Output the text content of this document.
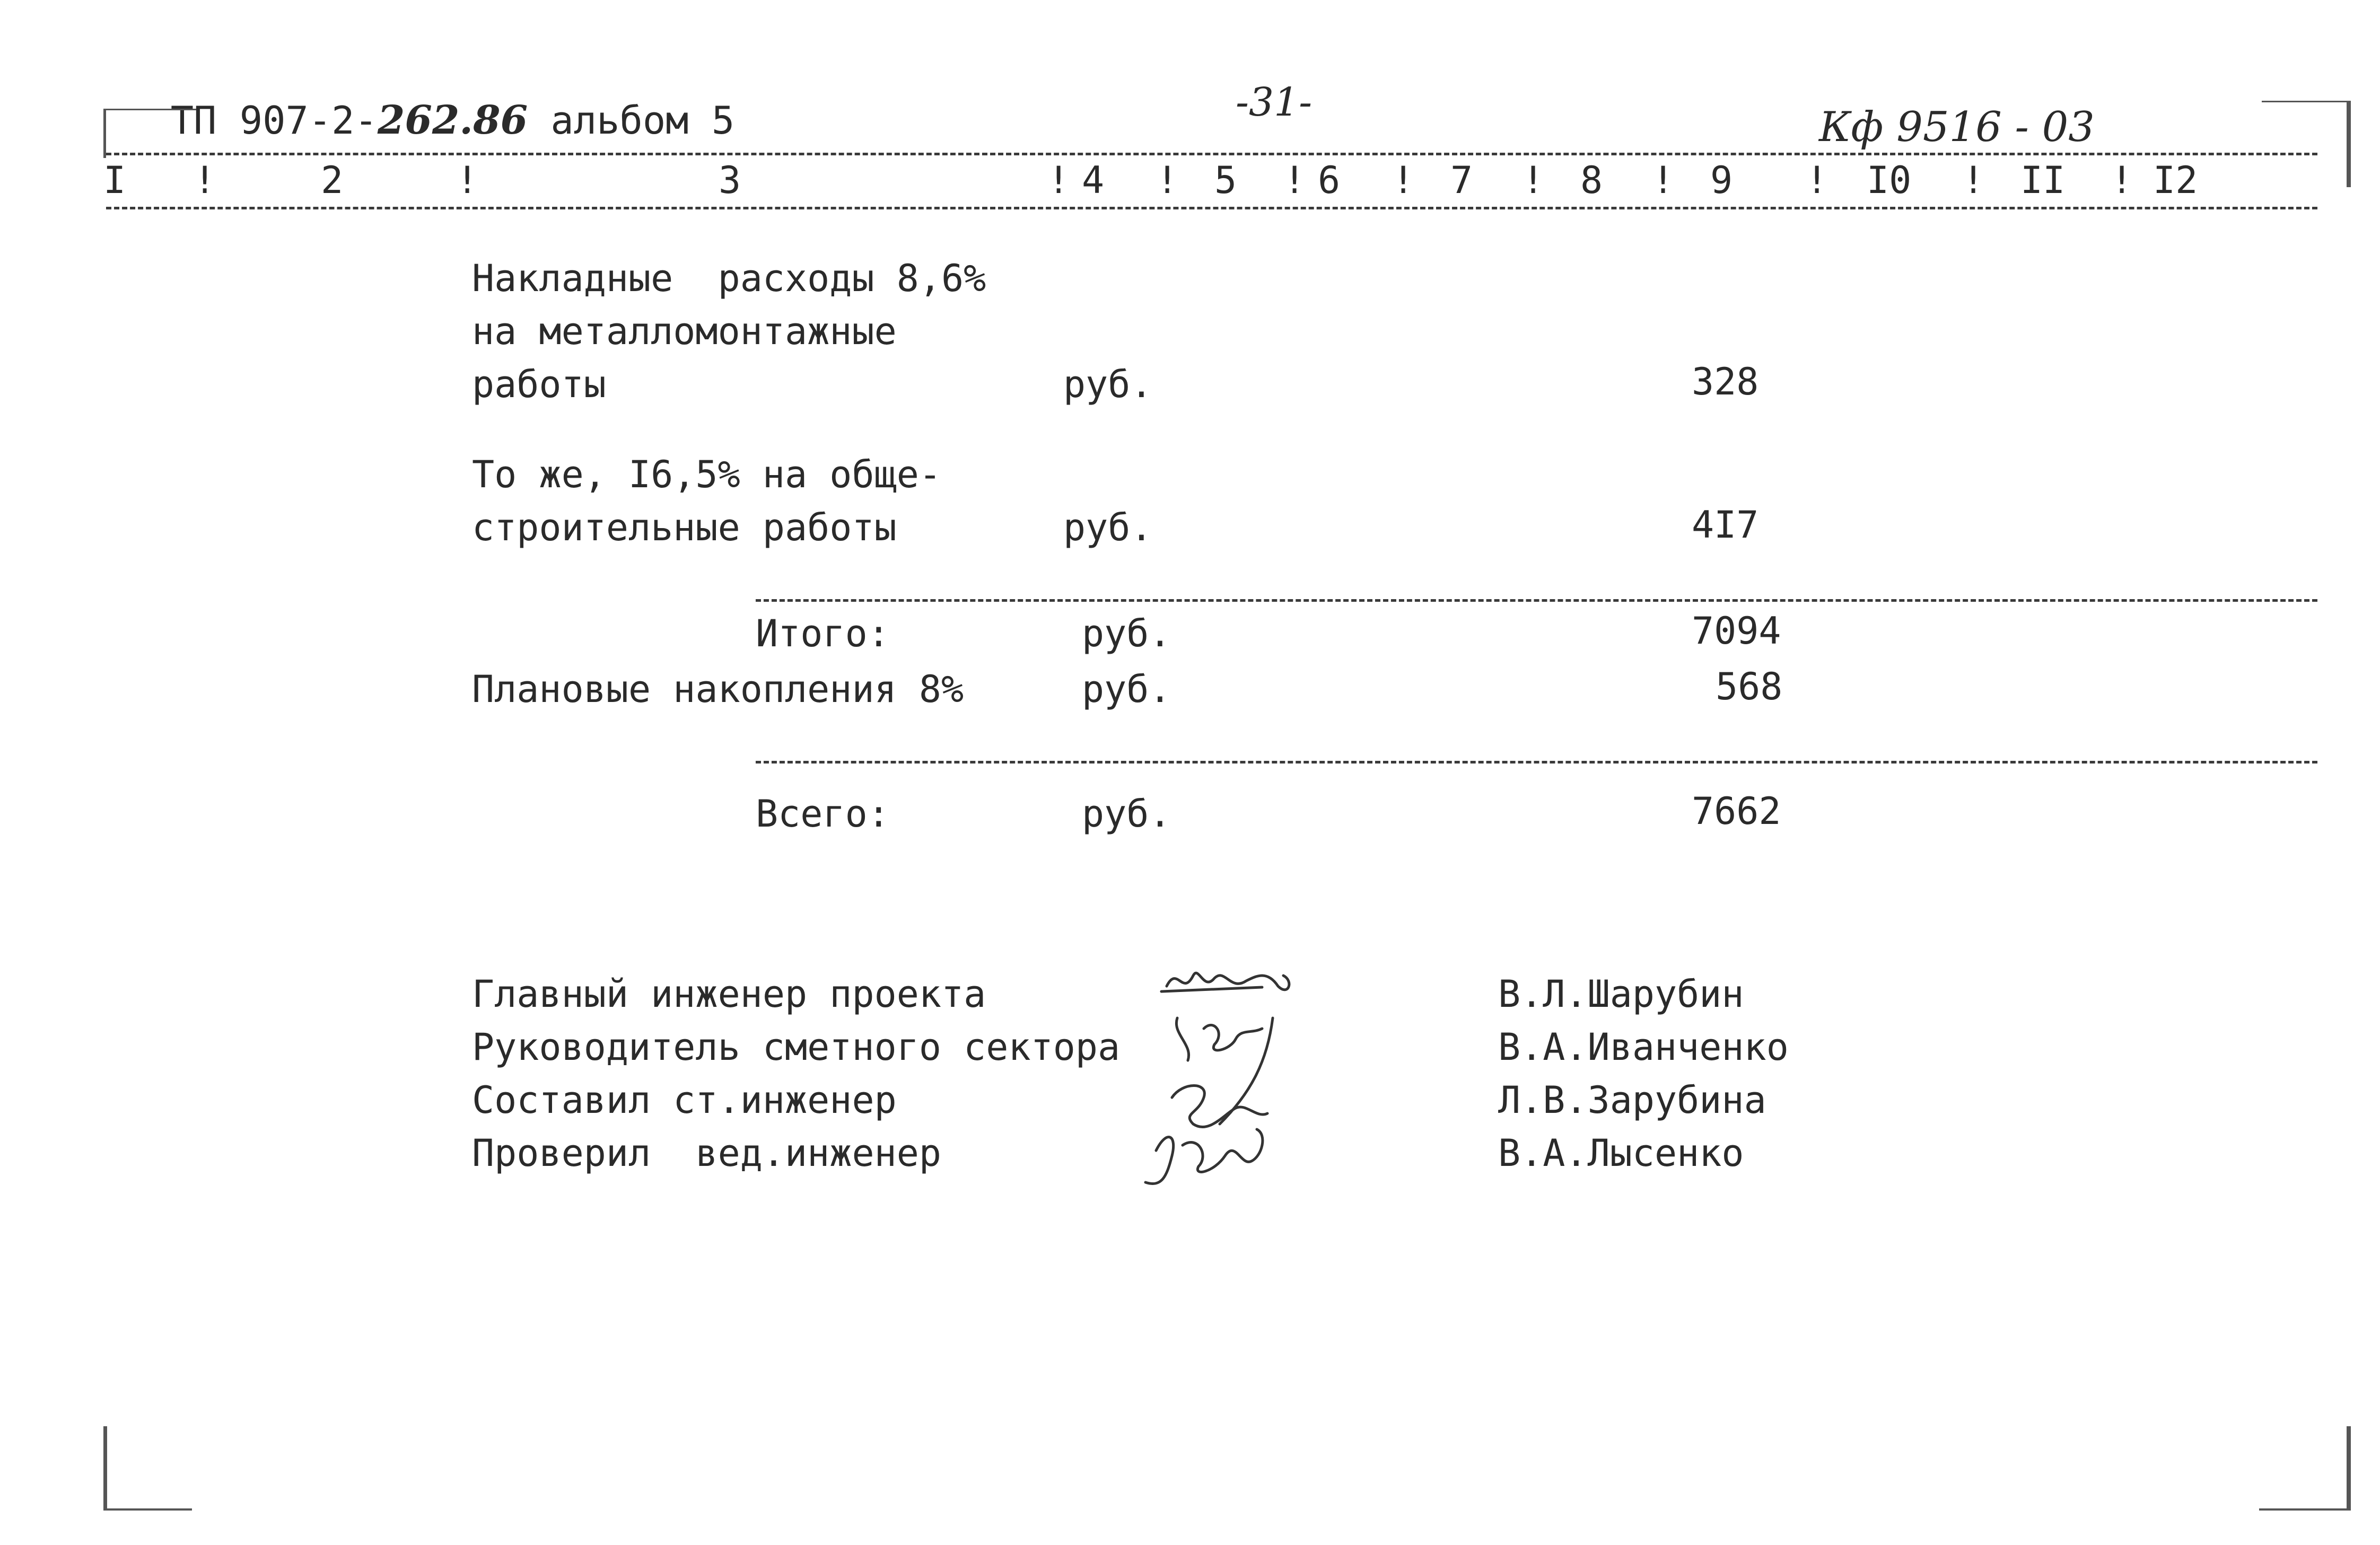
ТП 907-2-262.86 альбом 5	-31-
Кф 9516 - 03
I !	2	!	3	! 4 ! 5 ! 6 ! 7 ! 8 ! 9 ! I0 ! II ! I2
Накладные  расходы 8,6%
на металломонтажные
работы	руб.	328
То же, I6,5% на обще-
строительные работы	руб.	4I7
Итого:	руб.	7094
Плановые накопления 8%	руб.	568
Всего:	руб.	7662
Главный инженер проекта	В.Л.Шарубин
Руководитель сметного сектора	В.А.Иванченко
Составил ст.инженер	Л.В.Зарубина
Проверил  вед.инженер	В.А.Лысенко
